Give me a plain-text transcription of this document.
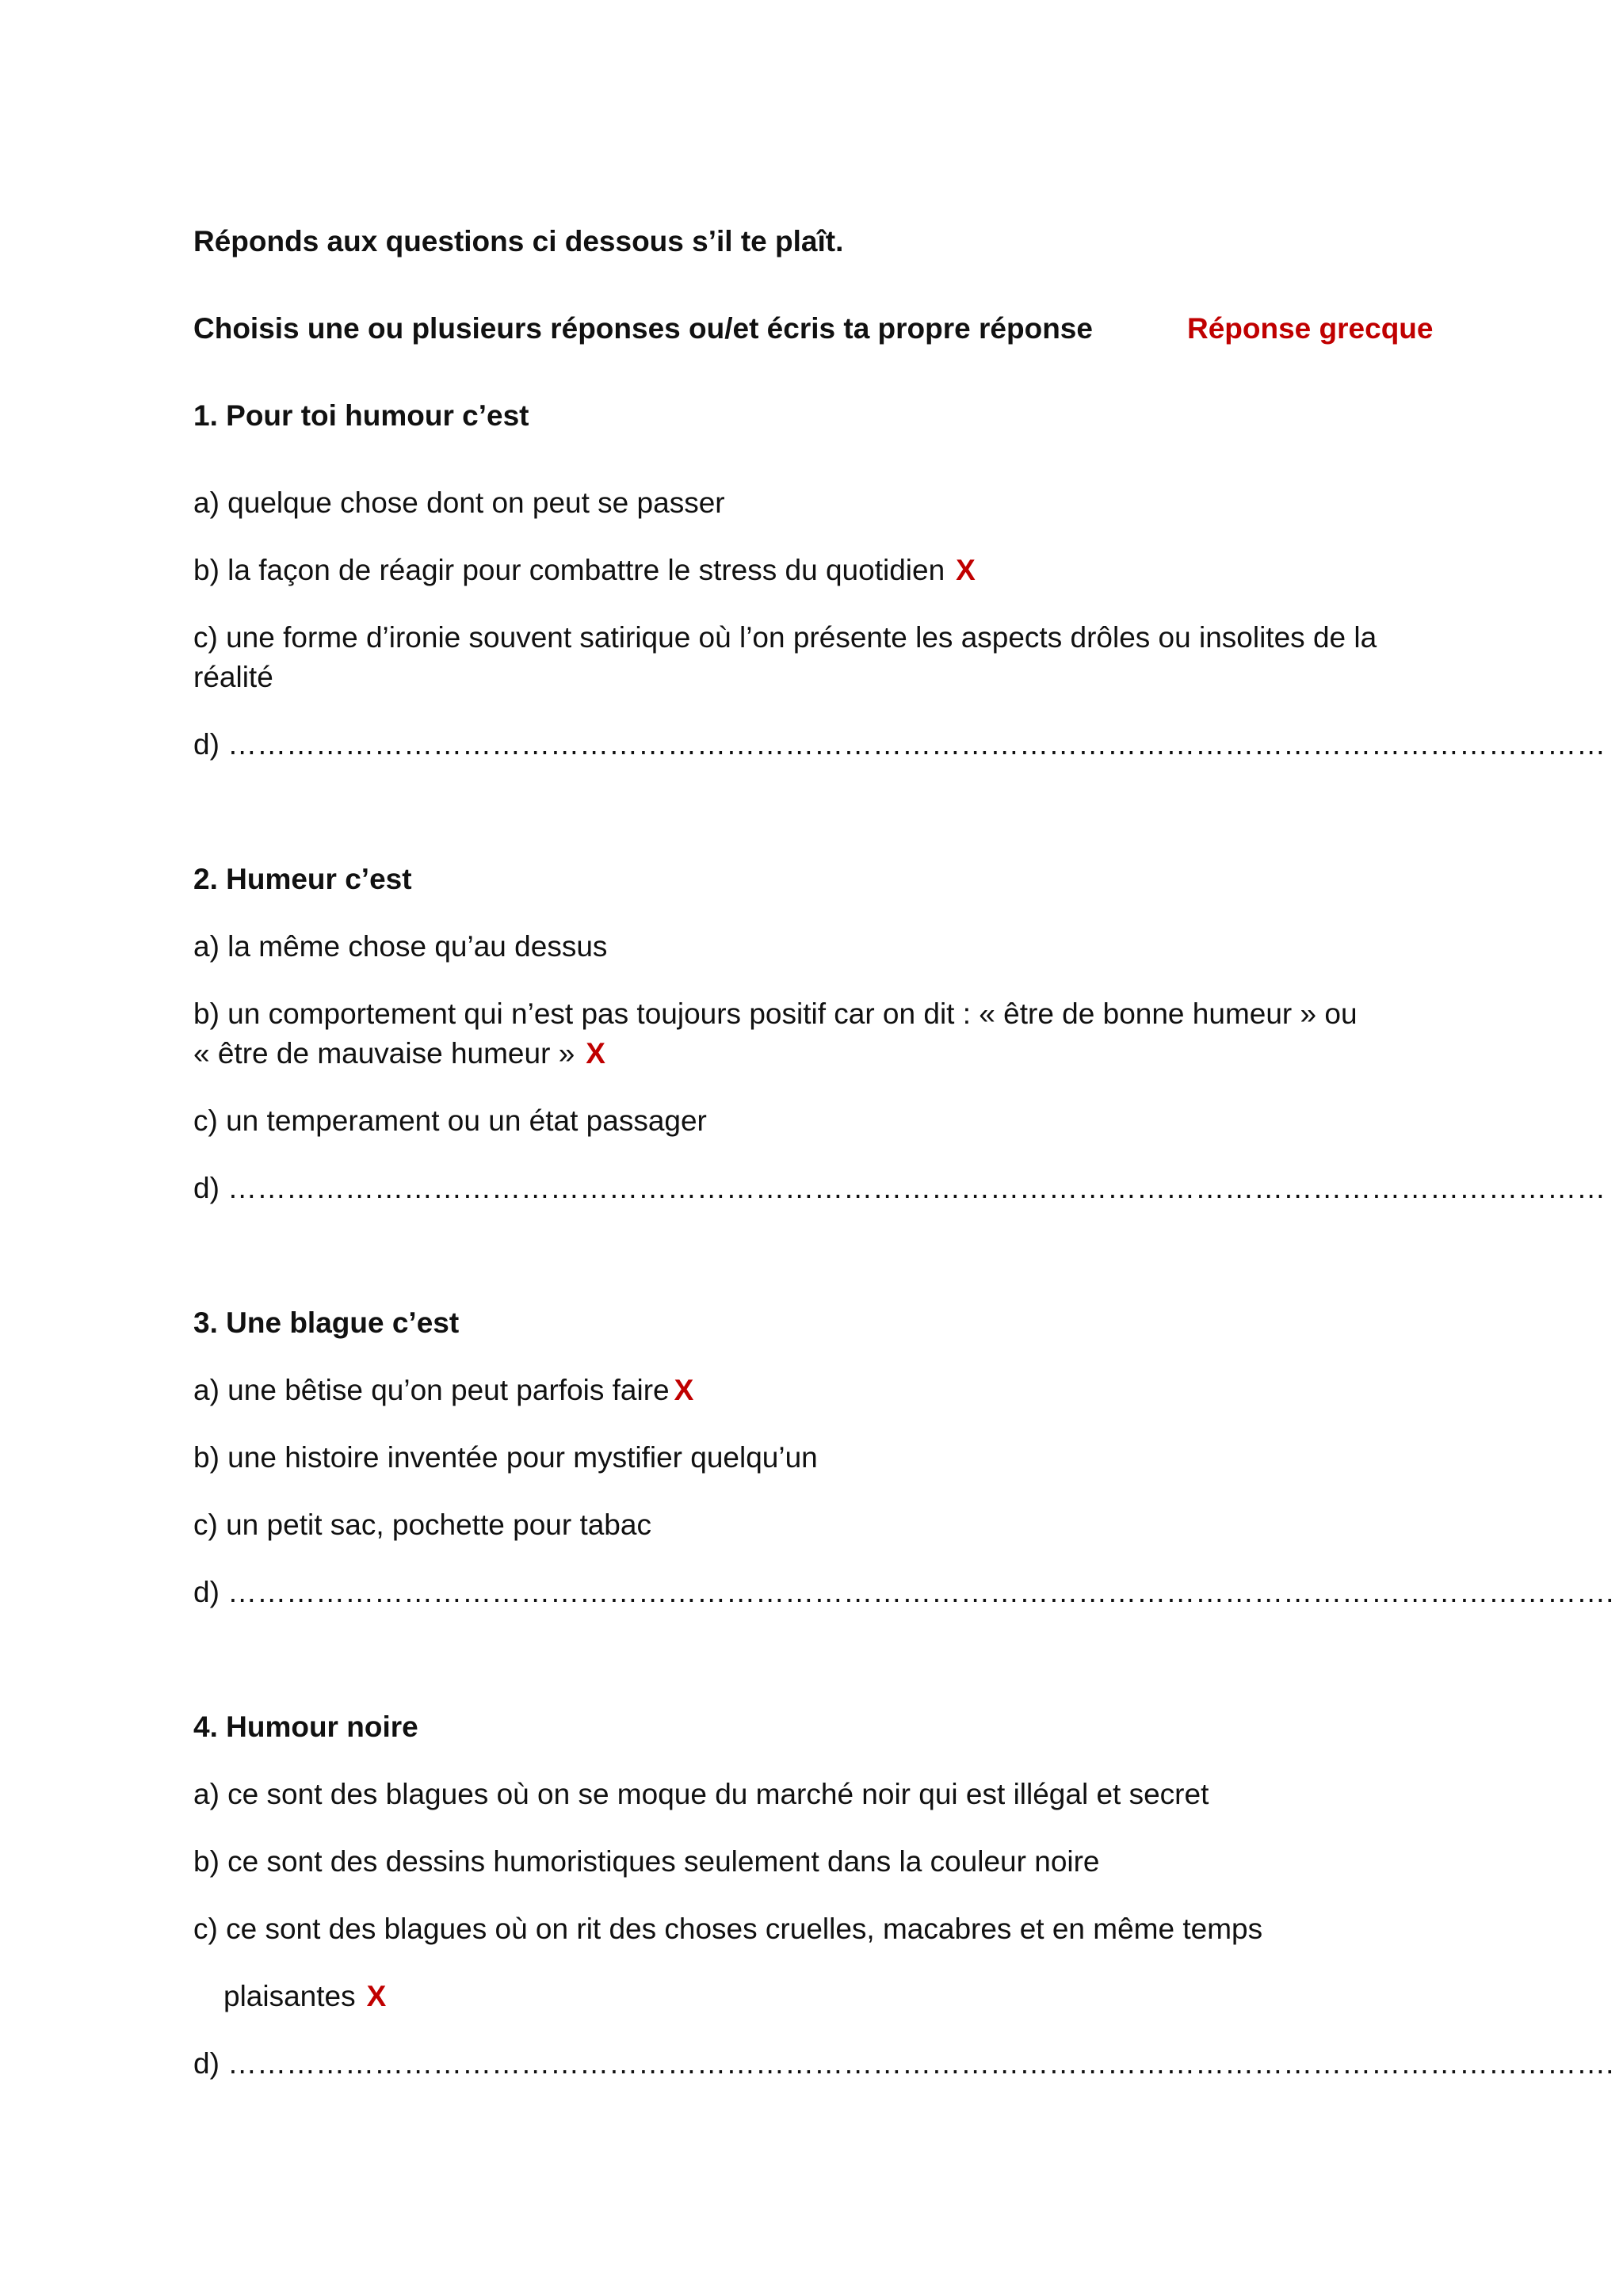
Réponds aux questions ci dessous s’il te plaît.
Choisis une ou plusieurs réponses ou/et écris ta propre réponse	Réponse grecque
1. Pour toi humour c’est
a) quelque chose dont on peut se passer
b) la façon de réagir pour combattre le stress du quotidien X
c) une forme d’ironie souvent satirique où l’on présente les aspects drôles ou insolites de la
réalité
d) ……………………………………………………………………………………………………………………………
2. Humeur c’est
a) la même chose qu’au dessus
b) un comportement qui n’est pas toujours positif car on dit : « être de bonne humeur » ou
« être de mauvaise humeur » X
c) un temperament ou un état passager
d) ……………………………………………………………………………………………………………………………
3. Une blague c’est
a) une bêtise qu’on peut parfois faire X
b) une histoire inventée pour mystifier quelqu’un
c) un petit sac, pochette pour tabac
d) …………………………………………………………………………………………………………………………….
4. Humour noire
a) ce sont des blagues où on se moque du marché noir qui est illégal et secret
b) ce sont des dessins humoristiques seulement dans la couleur noire
c) ce sont des blagues où on rit des choses cruelles, macabres et en même temps
plaisantes X
d) …………………………………………………………………………………………………………………………….
